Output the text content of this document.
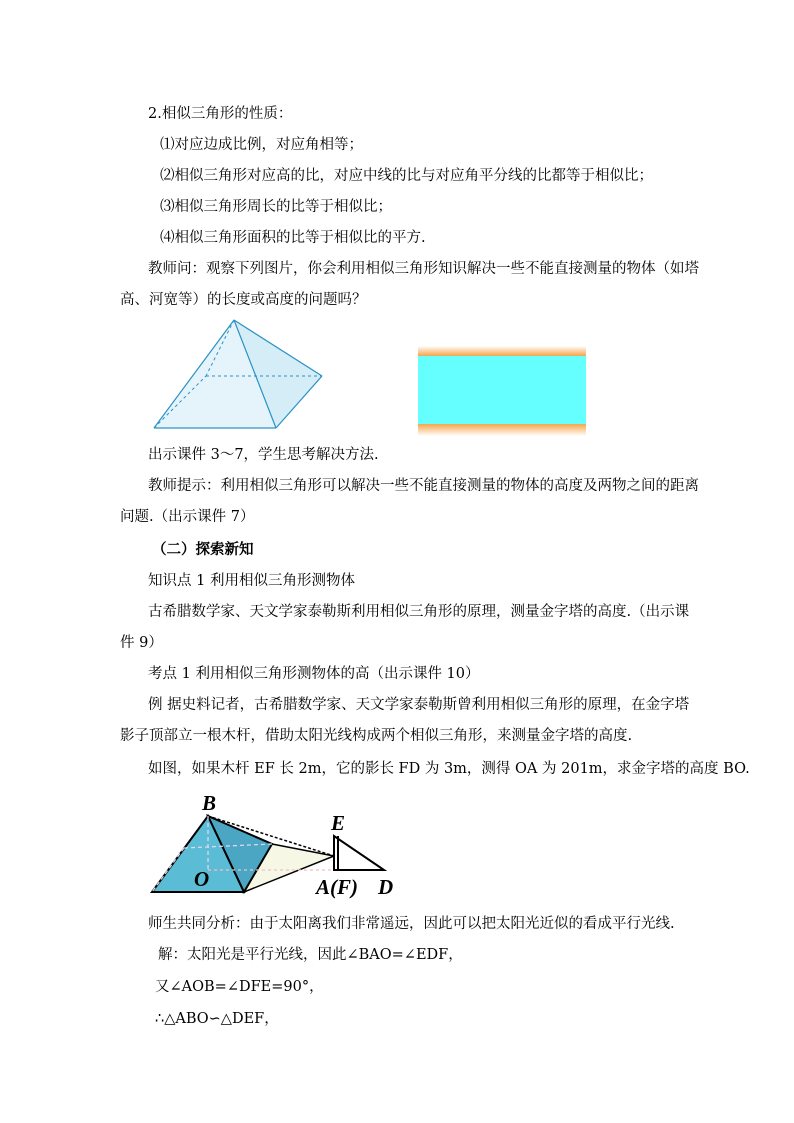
2.相似三角形的性质：
⑴对应边成比例，对应角相等；
⑵相似三角形对应高的比，对应中线的比与对应角平分线的比都等于相似比；
⑶相似三角形周长的比等于相似比；
⑷相似三角形面积的比等于相似比的平方.
教师问：观察下列图片，你会利用相似三角形知识解决一些不能直接测量的物体（如塔
高、河宽等）的长度或高度的问题吗？
出示课件 3～7，学生思考解决方法.
教师提示：利用相似三角形可以解决一些不能直接测量的物体的高度及两物之间的距离
问题.（出示课件 7）
（二）探索新知
知识点 1 利用相似三角形测物体
古希腊数学家、天文学家泰勒斯利用相似三角形的原理，测量金字塔的高度.（出示课
件 9）
考点 1 利用相似三角形测物体的高（出示课件 10）
例 据史料记者，古希腊数学家、天文学家泰勒斯曾利用相似三角形的原理，在金字塔
影子顶部立一根木杆，借助太阳光线构成两个相似三角形，来测量金字塔的高度.
如图，如果木杆 EF 长 2m，它的影长 FD 为 3m，测得 OA 为 201m，求金字塔的高度 BO.
B
E
O	A(F) D
师生共同分析：由于太阳离我们非常遥远，因此可以把太阳光近似的看成平行光线.
解：太阳光是平行光线，因此∠BAO=∠EDF，
又∠AOB=∠DFE=90°，
∴△ABO∽△DEF，
